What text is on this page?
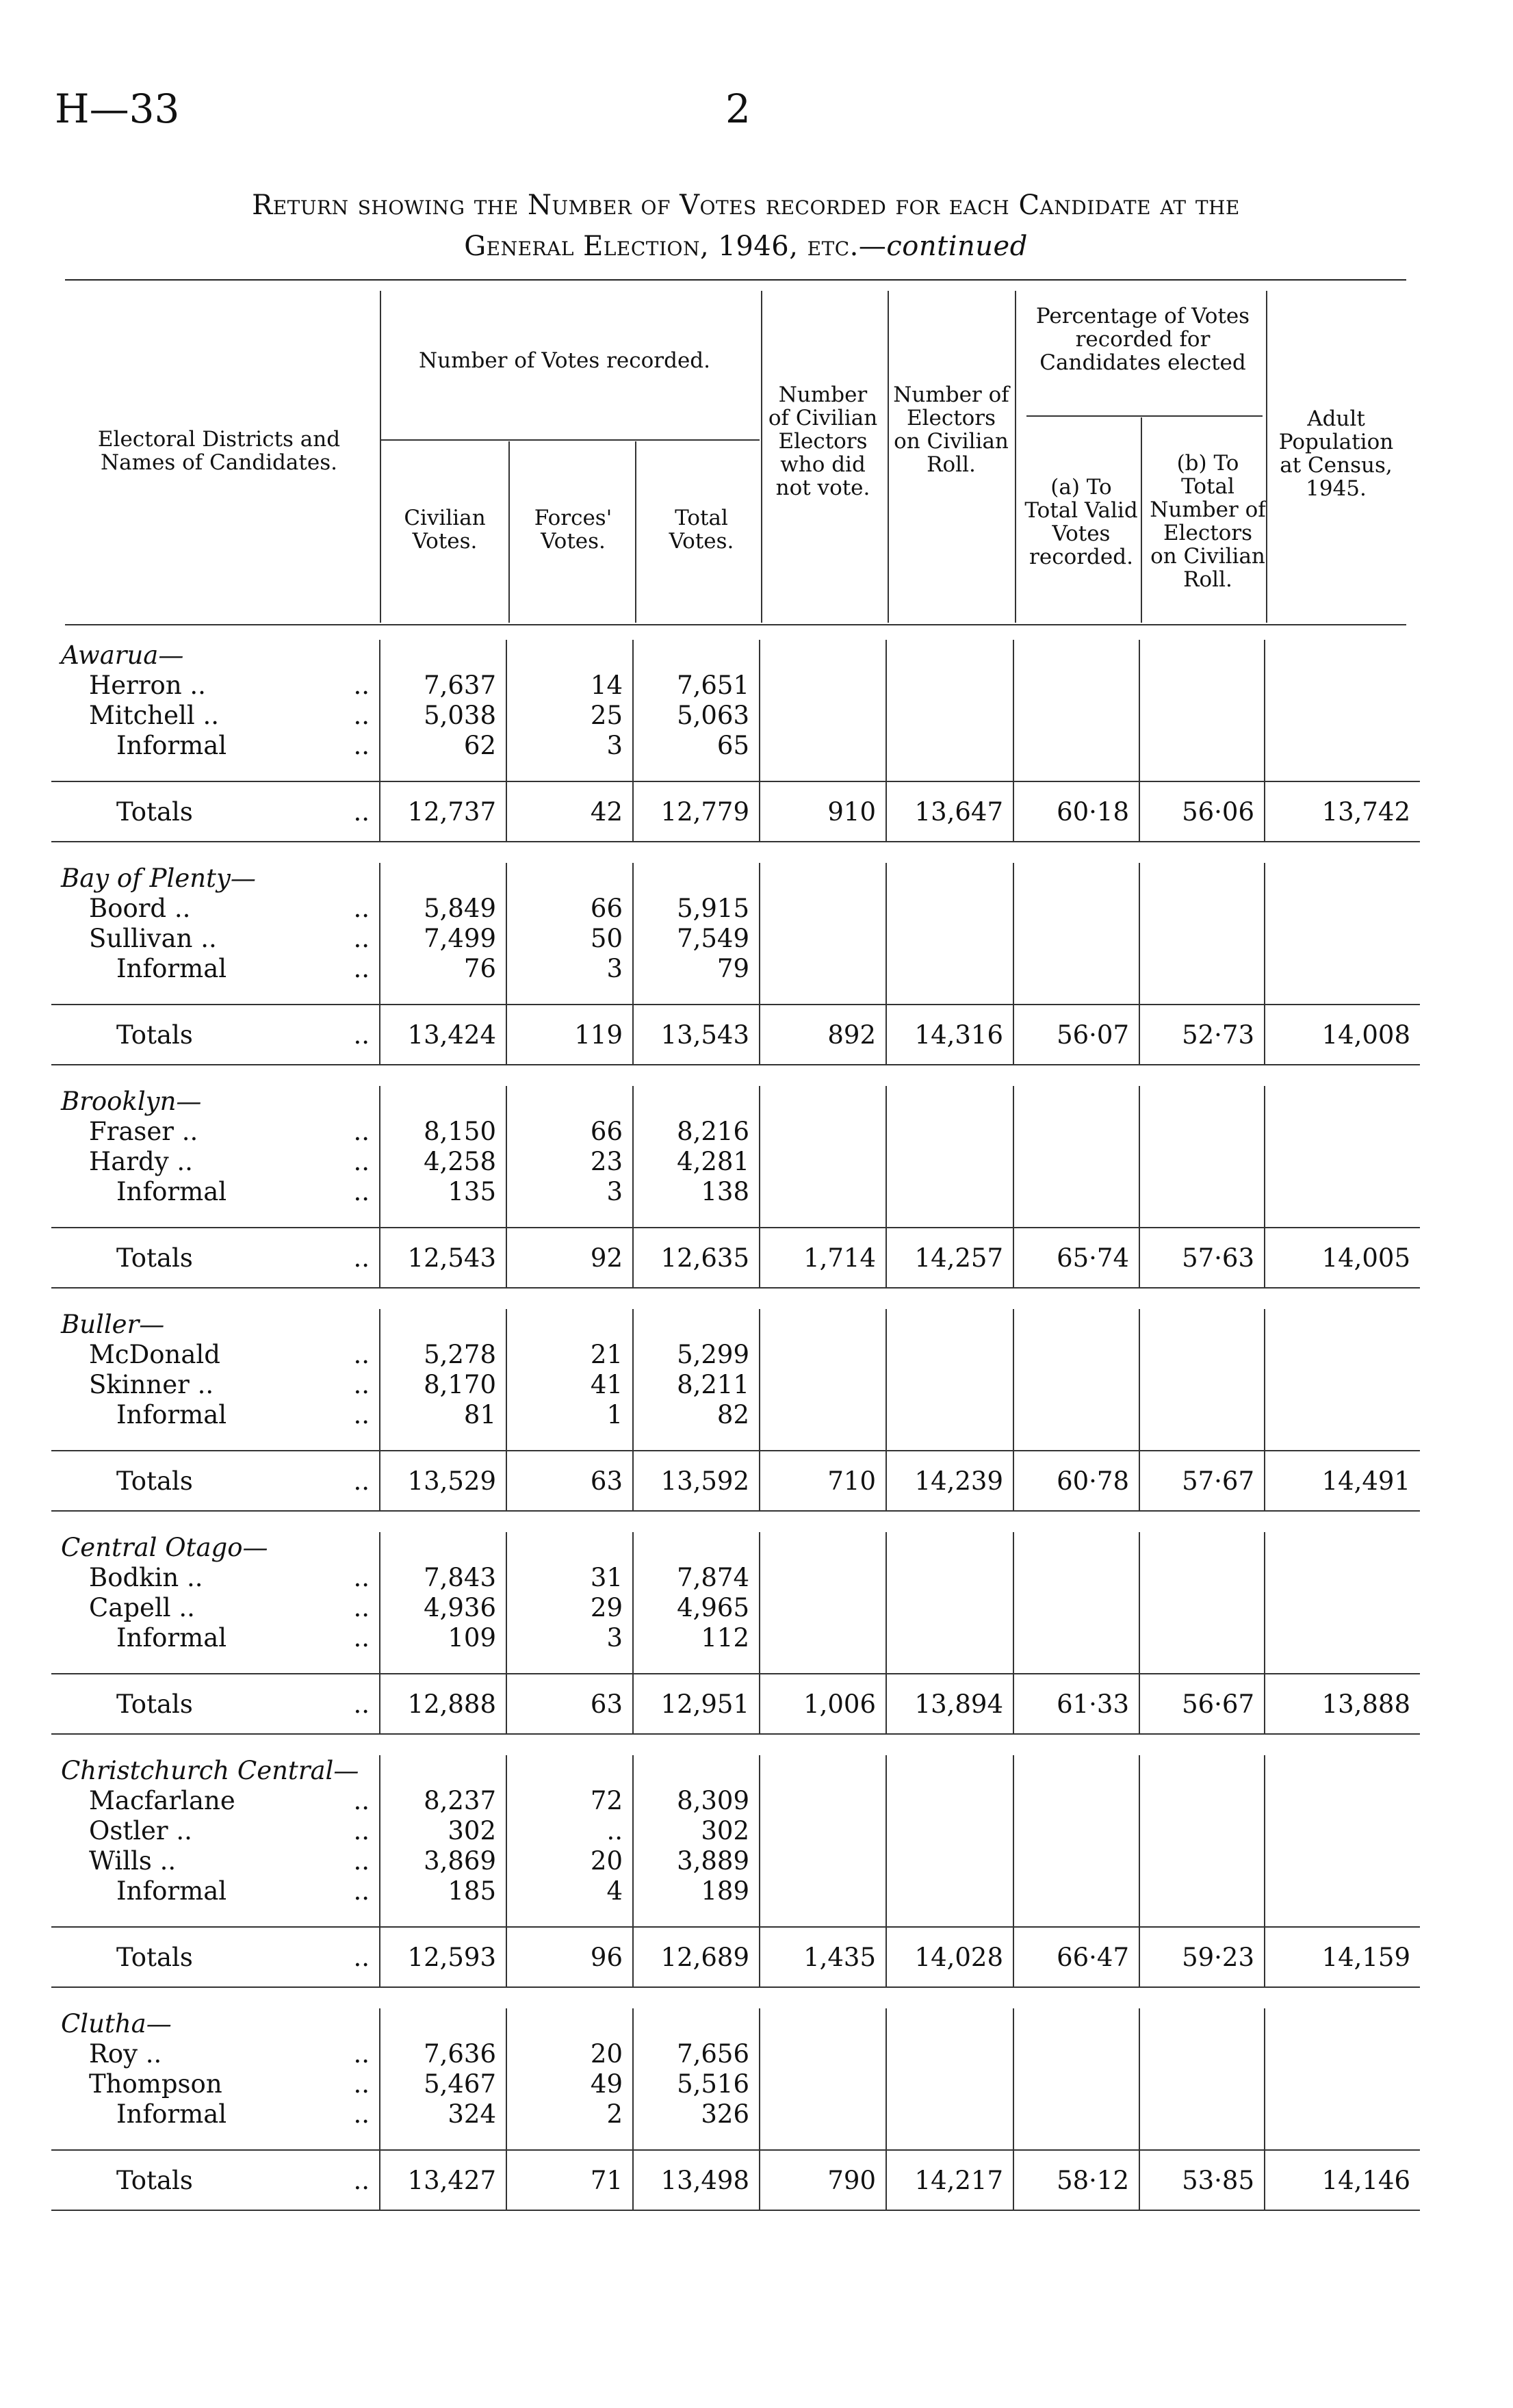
H—33	2
Return showing the Number of Votes recorded for each Candidate at the
General Election, 1946, etc.—continued
Electoral Districts and Names of Candidates.
Number of Votes recorded.
Civilian Votes.
Forces' Votes.
Total Votes.
Number of Civilian Electors who did not vote.
Number of Electors on Civilian Roll.
Percentage of Votes recorded for Candidates elected
(a) To Total Valid Votes recorded.
(b) To Total Number of Electors on Civilian Roll.
Adult Population at Census, 1945.
Awarua—									
Herron ..	..	7,637	14	7,651					
Mitchell ..	..	5,038	25	5,063					
Informal	..	62	3	65					

Totals	..	12,737	42	12,779	910	13,647	60·18	56·06	13,742

Bay of Plenty—									
Boord ..	..	5,849	66	5,915					
Sullivan ..	..	7,499	50	7,549					
Informal	..	76	3	79					

Totals	..	13,424	119	13,543	892	14,316	56·07	52·73	14,008

Brooklyn—									
Fraser ..	..	8,150	66	8,216					
Hardy ..	..	4,258	23	4,281					
Informal	..	135	3	138					

Totals	..	12,543	92	12,635	1,714	14,257	65·74	57·63	14,005

Buller—									
McDonald	..	5,278	21	5,299					
Skinner ..	..	8,170	41	8,211					
Informal	..	81	1	82					

Totals	..	13,529	63	13,592	710	14,239	60·78	57·67	14,491

Central Otago—									
Bodkin ..	..	7,843	31	7,874					
Capell ..	..	4,936	29	4,965					
Informal	..	109	3	112					

Totals	..	12,888	63	12,951	1,006	13,894	61·33	56·67	13,888

Christchurch Central—									
Macfarlane	..	8,237	72	8,309					
Ostler ..	..	302	..	302					
Wills ..	..	3,869	20	3,889					
Informal	..	185	4	189					

Totals	..	12,593	96	12,689	1,435	14,028	66·47	59·23	14,159

Clutha—									
Roy ..	..	7,636	20	7,656					
Thompson	..	5,467	49	5,516					
Informal	..	324	2	326					

Totals	..	13,427	71	13,498	790	14,217	58·12	53·85	14,146
